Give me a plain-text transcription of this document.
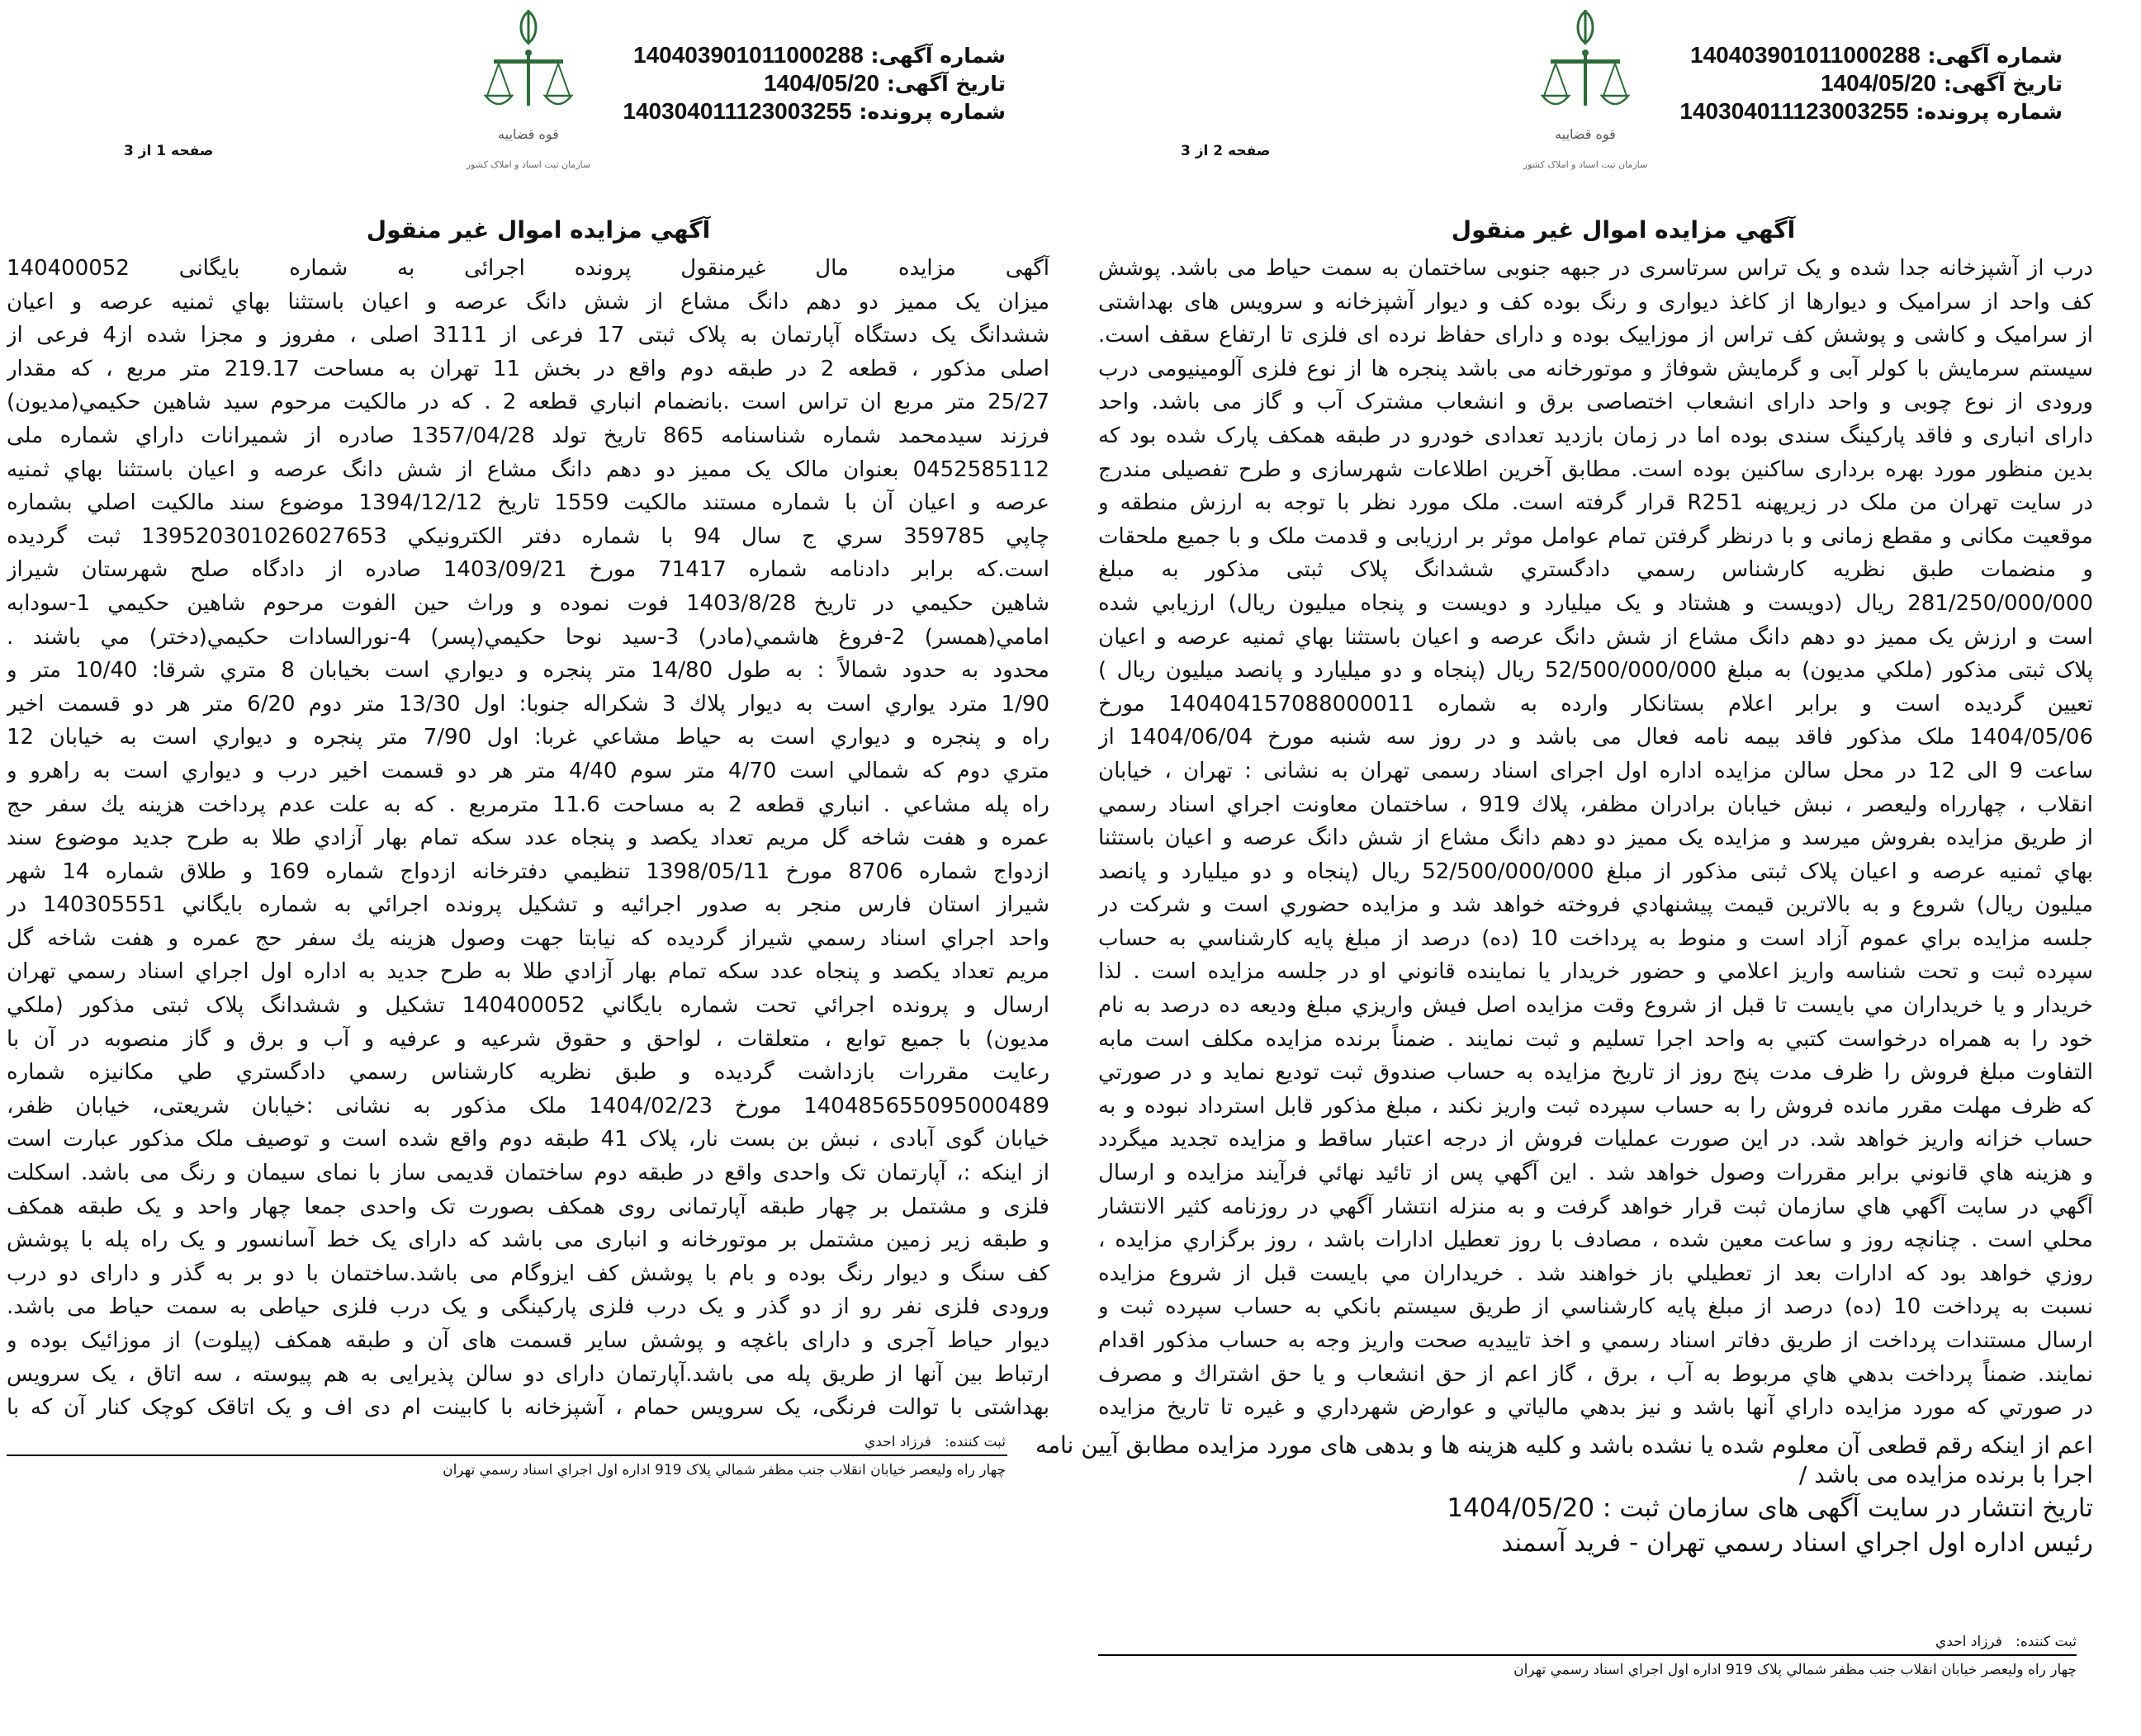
شماره آگهی: 140403901011000288
تاریخ آگهی: 1404/05/20
شماره پرونده: 140304011123003255
قوه قضاییه
سازمان ثبت اسناد و املاک کشور
صفحه 1 از 3
آگهي مزايده اموال غير منقول
آگهی مزایده مال غیرمنقول پرونده اجرائی به شماره بایگانی 140400052
میزان یک ممیز دو دهم دانگ مشاع از شش دانگ عرصه و اعیان باستثنا بهاي ثمنيه عرصه و اعیان
ششدانگ یک دستگاه آپارتمان به پلاک ثبتی 17 فرعی از 3111 اصلی ، مفروز و مجزا شده از4 فرعی از
اصلی مذکور ، قطعه 2 در طبقه دوم واقع در بخش 11 تهران به مساحت 219.17 متر مربع ، که مقدار
25/27 متر مربع ان تراس است .بانضمام انباري قطعه 2 . كه در مالكيت مرحوم سيد شاهين حكيمي(مديون)
فرزند سیدمحمد شماره شناسنامه 865 تاريخ تولد 1357/04/28 صادره از شميرانات داراي شماره ملی
0452585112 بعنوان مالک یک ممیز دو دهم دانگ مشاع از شش دانگ عرصه و اعیان باستثنا بهاي ثمنيه
عرصه و اعيان آن با شماره مستند مالكيت 1559 تاريخ 1394/12/12 موضوع سند مالكيت اصلي بشماره
چاپي 359785 سري ج سال 94 با شماره دفتر الكترونيكي 139520301026027653 ثبت گرديده
است.كه برابر دادنامه شماره 71417 مورخ 1403/09/21 صادره از دادگاه صلح شهرستان شيراز
شاهين حكيمي در تاريخ 1403/8/28 فوت نموده و وراث حين الفوت مرحوم شاهين حكيمي 1-سودابه
امامي(همسر) 2-فروغ هاشمي(مادر) 3-سيد نوحا حكيمي(پسر) 4-نورالسادات حكيمي(دختر) مي باشند .
محدود به حدود شمالاً : به طول 14/80 متر پنجره و ديواري است بخيابان 8 متري شرقا: 10/40 متر و
1/90 مترد يواري است به ديوار پلاك 3 شكراله جنوبا: اول 13/30 متر دوم 6/20 متر هر دو قسمت اخير
راه و پنجره و ديواري است به حياط مشاعي غربا: اول 7/90 متر پنجره و ديواري است به خيابان 12
متري دوم كه شمالي است 4/70 متر سوم 4/40 متر هر دو قسمت اخير درب و ديواري است به راهرو و
راه پله مشاعي . انباري قطعه 2 به مساحت 11.6 مترمربع . كه به علت عدم پرداخت هزينه يك سفر حج
عمره و هفت شاخه گل مريم تعداد يكصد و پنجاه عدد سكه تمام بهار آزادي طلا به طرح جديد موضوع سند
ازدواج شماره 8706 مورخ 1398/05/11 تنظيمي دفترخانه ازدواج شماره 169 و طلاق شماره 14 شهر
شيراز استان فارس منجر به صدور اجرائيه و تشكيل پرونده اجرائي به شماره بايگاني 140305551 در
واحد اجراي اسناد رسمي شيراز گرديده كه نيابتا جهت وصول هزينه يك سفر حج عمره و هفت شاخه گل
مريم تعداد يكصد و پنجاه عدد سكه تمام بهار آزادي طلا به طرح جديد به اداره اول اجراي اسناد رسمي تهران
ارسال و پرونده اجرائي تحت شماره بايگاني 140400052 تشكيل و ششدانگ پلاک ثبتی مذکور (ملكي
مديون) با جميع توابع ، متعلقات ، لواحق و حقوق شرعيه و عرفيه و آب و برق و گاز منصوبه در آن با
رعايت مقررات بازداشت گرديده و طبق نظريه كارشناس رسمي دادگستري طي مكانيزه شماره
140485655095000489 مورخ 1404/02/23 ملک مذکور به نشانی :خیابان شریعتی، خیابان ظفر،
خیابان گوی آبادی ، نبش بن بست نار، پلاک 41 طبقه دوم واقع شده است و توصیف ملک مذکور عبارت است
از اینکه :، آپارتمان تک واحدی واقع در طبقه دوم ساختمان قدیمی ساز با نمای سیمان و رنگ می باشد. اسکلت
فلزی و مشتمل بر چهار طبقه آپارتمانی روی همکف بصورت تک واحدی جمعا چهار واحد و یک طبقه همکف
و طبقه زیر زمین مشتمل بر موتورخانه و انباری می باشد که دارای یک خط آسانسور و یک راه پله با پوشش
کف سنگ و دیوار رنگ بوده و بام با پوشش کف ایزوگام می باشد.ساختمان با دو بر به گذر و دارای دو درب
ورودی فلزی نفر رو از دو گذر و یک درب فلزی پارکینگی و یک درب فلزی حیاطی به سمت حیاط می باشد.
دیوار حیاط آجری و دارای باغچه و پوشش سایر قسمت های آن و طبقه همکف (پیلوت) از موزائیک بوده و
ارتباط بین آنها از طریق پله می باشد.آپارتمان دارای دو سالن پذیرایی به هم پیوسته ، سه اتاق ، یک سرویس
بهداشتی با توالت فرنگی، یک سرویس حمام ، آشپزخانه با کابینت ام دی اف و یک اتاقک کوچک کنار آن که با
ثبت کننده:   فرزاد احدي
چهار راه وليعصر خيابان انقلاب جنب مظفر شمالي پلاک 919 اداره اول اجراي اسناد رسمي تهران
شماره آگهی: 140403901011000288
تاریخ آگهی: 1404/05/20
شماره پرونده: 140304011123003255
قوه قضاییه
سازمان ثبت اسناد و املاک کشور
صفحه 2 از 3
آگهي مزايده اموال غير منقول
درب از آشپزخانه جدا شده و یک تراس سرتاسری در جبهه جنوبی ساختمان به سمت حیاط می باشد. پوشش
کف واحد از سرامیک و دیوارها از کاغذ دیواری و رنگ بوده کف و دیوار آشپزخانه و سرویس های بهداشتی
از سرامیک و کاشی و پوشش کف تراس از موزاییک بوده و دارای حفاظ نرده ای فلزی تا ارتفاع سقف است.
سیستم سرمایش با کولر آبی و گرمایش شوفاژ و موتورخانه می باشد پنجره ها از نوع فلزی آلومینیومی درب
ورودی از نوع چوبی و واحد دارای انشعاب اختصاصی برق و انشعاب مشترک آب و گاز می باشد. واحد
دارای انباری و فاقد پارکینگ سندی بوده اما در زمان بازدید تعدادی خودرو در طبقه همکف پارک شده بود که
بدین منظور مورد بهره برداری ساکنین بوده است. مطابق آخرین اطلاعات شهرسازی و طرح تفصیلی مندرج
در سایت تهران من ملک در زیرپهنه R251 قرار گرفته است. ملک مورد نظر با توجه به ارزش منطقه و
موقعیت مکانی و مقطع زمانی و با درنظر گرفتن تمام عوامل موثر بر ارزیابی و قدمت ملک و با جمیع ملحقات
و منضمات طبق نظريه كارشناس رسمي دادگستري ششدانگ پلاک ثبتی مذکور به مبلغ
281/250/000/000 ريال (دویست و هشتاد و یک میلیارد و دویست و پنجاه میلیون ریال) ارزيابي شده
است و ارزش یک ممیز دو دهم دانگ مشاع از شش دانگ عرصه و اعیان باستثنا بهاي ثمنيه عرصه و اعیان
پلاک ثبتی مذکور (ملكي مديون) به مبلغ 52/500/000/000 ريال (پنجاه و دو میلیارد و پانصد میلیون ریال )
تعيين گرديده است و برابر اعلام بستانكار وارده به شماره 140404157088000011 مورخ
1404/05/06 ملک مذکور فاقد بیمه نامه فعال می باشد و در روز سه شنبه مورخ 1404/06/04 از
ساعت 9 الی 12 در محل سالن مزايده اداره اول اجرای اسناد رسمی تهران به نشانی : تهران ، خيابان
انقلاب ، چهارراه وليعصر ، نبش خيابان برادران مظفر، پلاك 919 ، ساختمان معاونت اجراي اسناد رسمي
از طريق مزايده بفروش ميرسد و مزایده یک ممیز دو دهم دانگ مشاع از شش دانگ عرصه و اعیان باستثنا
بهاي ثمنيه عرصه و اعیان پلاک ثبتی مذکور از مبلغ 52/500/000/000 ريال (پنجاه و دو میلیارد و پانصد
میلیون ریال) شروع و به بالاترين قيمت پيشنهادي فروخته خواهد شد و مزايده حضوري است و شركت در
جلسه مزايده براي عموم آزاد است و منوط به پرداخت 10 (ده) درصد از مبلغ پايه كارشناسي به حساب
سپرده ثبت و تحت شناسه واريز اعلامي و حضور خريدار يا نماينده قانوني او در جلسه مزايده است . لذا
خريدار و يا خريداران مي بايست تا قبل از شروع وقت مزايده اصل فيش واريزي مبلغ وديعه ده درصد به نام
خود را به همراه درخواست كتبي به واحد اجرا تسليم و ثبت نمايند . ضمناً برنده مزايده مكلف است مابه
التفاوت مبلغ فروش را ظرف مدت پنج روز از تاريخ مزايده به حساب صندوق ثبت توديع نمايد و در صورتي
كه ظرف مهلت مقرر مانده فروش را به حساب سپرده ثبت واريز نكند ، مبلغ مذكور قابل استرداد نبوده و به
حساب خزانه واريز خواهد شد. در اين صورت عمليات فروش از درجه اعتبار ساقط و مزايده تجديد ميگردد
و هزينه هاي قانوني برابر مقررات وصول خواهد شد . اين آگهي پس از تائيد نهائي فرآيند مزايده و ارسال
آگهي در سايت آگهي هاي سازمان ثبت قرار خواهد گرفت و به منزله انتشار آگهي در روزنامه كثير الانتشار
محلي است . چنانچه روز و ساعت معين شده ، مصادف با روز تعطيل ادارات باشد ، روز برگزاري مزايده ،
روزي خواهد بود كه ادارات بعد از تعطيلي باز خواهند شد . خريداران مي بايست قبل از شروع مزايده
نسبت به پرداخت 10 (ده) درصد از مبلغ پايه كارشناسي از طريق سيستم بانكي به حساب سپرده ثبت و
ارسال مستندات پرداخت از طريق دفاتر اسناد رسمي و اخذ تاييديه صحت واريز وجه به حساب مذكور اقدام
نمايند. ضمناً پرداخت بدهي هاي مربوط به آب ، برق ، گاز اعم از حق انشعاب و يا حق اشتراك و مصرف
در صورتي كه مورد مزايده داراي آنها باشد و نيز بدهي مالياتي و عوارض شهرداري و غيره تا تاريخ مزايده
اعم از اینکه رقم قطعی آن معلوم شده یا نشده باشد و کلیه هزینه ها و بدهی های مورد مزایده مطابق آیین نامه
اجرا با برنده مزایده می باشد /
تاریخ انتشار در سایت آگهی های سازمان ثبت : 1404/05/20
رئیس اداره اول اجراي اسناد رسمي تهران - فرید آسمند
ثبت کننده:   فرزاد احدي
چهار راه وليعصر خيابان انقلاب جنب مظفر شمالي پلاک 919 اداره اول اجراي اسناد رسمي تهران
